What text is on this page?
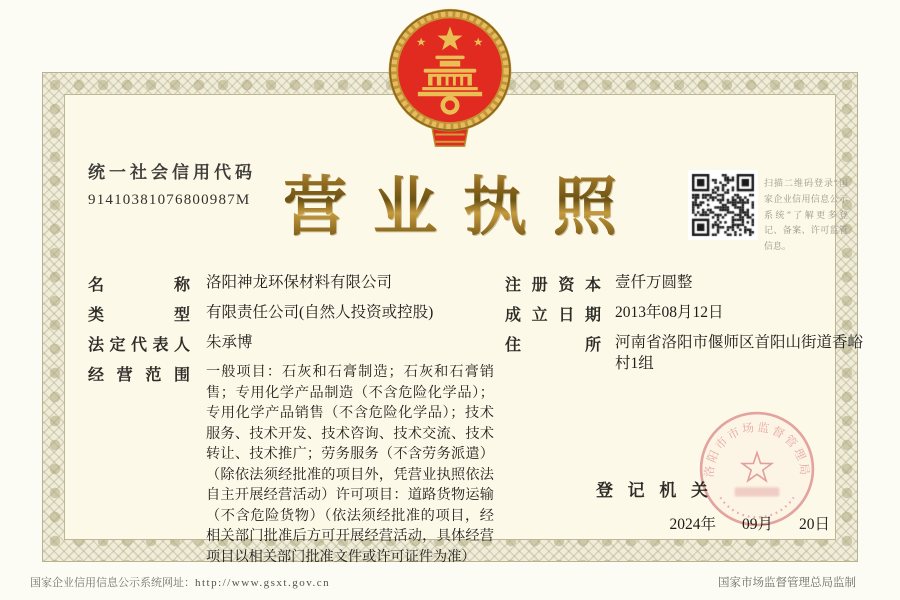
统一社会信用代码
91410381076800987M 营业执照	扫描二维码登录“国家企业信用信息公示系统”了解更多登记、备案、许可监管信息。
名	称 洛阳神龙环保材料有限公司
类	型 有限责任公司(自然人投资或控股)
法 定 代 表 人 朱承博
经 营 范 围 一般项目：石灰和石膏制造；石灰和石膏销售；专用化学产品制造（不含危险化学品）；专用化学产品销售（不含危险化学品）；技术服务、技术开发、技术咨询、技术交流、技术转让、技术推广；劳务服务（不含劳务派遣）（除依法须经批准的项目外，凭营业执照依法自主开展经营活动）许可项目：道路货物运输（不含危险货物）（依法须经批准的项目，经相关部门批准后方可开展经营活动，具体经营项目以相关部门批准文件或许可证件为准）
注 册 资 本 壹仟万圆整
成 立 日 期 2013年08月12日
住	所 河南省洛阳市偃师区首阳山街道香峪村1组
登 记 机 关
2024年 09月 20日
洛阳市市场监督管理局
国家企业信用信息公示系统网址：http://www.gsxt.gov.cn	国家市场监督管理总局监制
